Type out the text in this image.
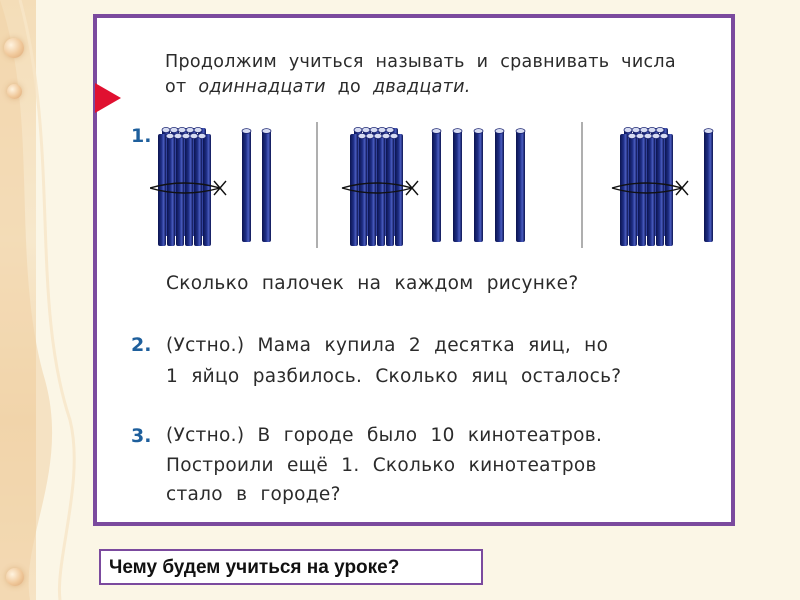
Продолжим учиться называть и сравнивать числа
от одиннадцати до двадцати.
1.
Сколько палочек на каждом рисунке?
2. (Устно.) Мама купила 2 десятка яиц, но
1 яйцо разбилось. Сколько яиц осталось?
3. (Устно.) В городе было 10 кинотеатров.
Построили ещё 1. Сколько кинотеатров
стало в городе?
Чему будем учиться на уроке?
